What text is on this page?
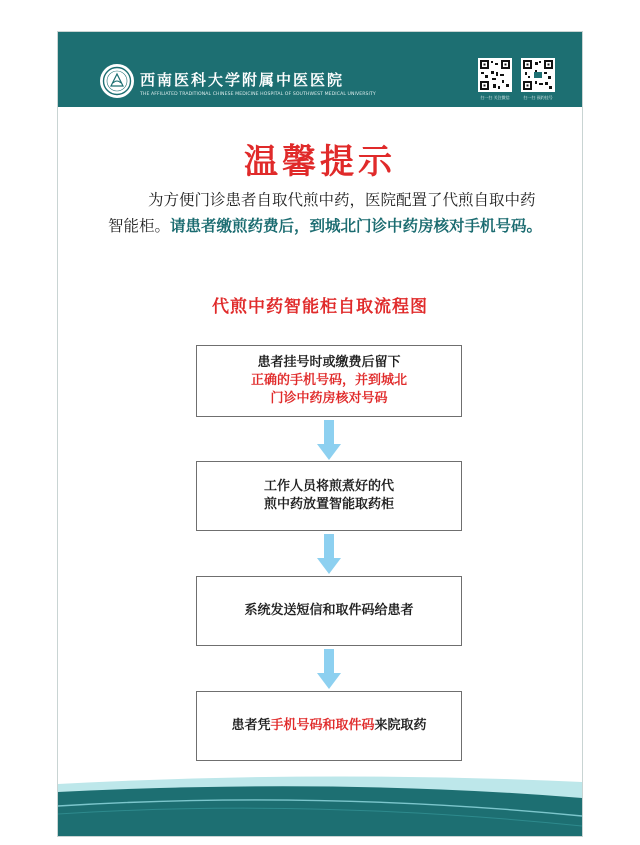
西南医科大学附属中医医院
THE AFFILIATED TRADITIONAL CHINESE MEDICINE HOSPITAL OF SOUTHWEST MEDICAL UNIVERSITY
扫一扫 关注微信	扫一扫 预约挂号
温馨提示
为方便门诊患者自取代煎中药，医院配置了代煎自取中药智能柜。请患者缴煎药费后，到城北门诊中药房核对手机号码。
代煎中药智能柜自取流程图
患者挂号时或缴费后留下
正确的手机号码，并到城北
门诊中药房核对号码
工作人员将煎煮好的代
煎中药放置智能取药柜
系统发送短信和取件码给患者
患者凭手机号码和取件码来院取药
